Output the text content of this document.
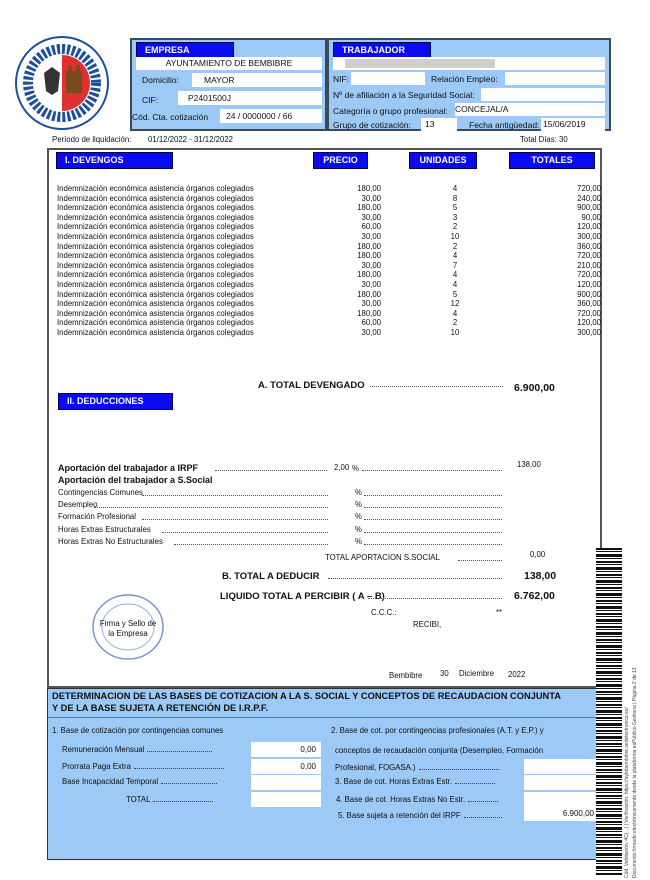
EMPRESA
AYUNTAMIENTO DE BEMBIBRE
Domicilio:	MAYOR
CIF:	P2401500J
Cód. Cta. cotización	24 / 0000000 / 66
TRABAJADOR
NIF:	Relación Empleo:
Nº de afiliación a la Seguridad Social:
Categoría o grupo profesional: CONCEJAL/A
Grupo de cotización:	13	Fecha antigüedad: 15/06/2019
Período de liquidación: 01/12/2022 - 31/12/2022	Total Días: 30
I. DEVENGOS	PRECIO	UNIDADES	TOTALES
Indemnización económica asistencia órganos colegiados	180,00	4	720,00
Indemnización económica asistencia órganos colegiados	30,00	8	240,00
Indemnización económica asistencia órganos colegiados	180,00	5	900,00
Indemnización económica asistencia órganos colegiados	30,00	3	90,00
Indemnización económica asistencia órganos colegiados	60,00	2	120,00
Indemnización económica asistencia órganos colegiados	30,00	10	300,00
Indemnización económica asistencia órganos colegiados	180,00	2	360,00
Indemnización económica asistencia órganos colegiados	180,00	4	720,00
Indemnización económica asistencia órganos colegiados	30,00	7	210,00
Indemnización económica asistencia órganos colegiados	180,00	4	720,00
Indemnización económica asistencia órganos colegiados	30,00	4	120,00
Indemnización económica asistencia órganos colegiados	180,00	5	900,00
Indemnización económica asistencia órganos colegiados	30,00	12	360,00
Indemnización económica asistencia órganos colegiados	180,00	4	720,00
Indemnización económica asistencia órganos colegiados	60,00	2	120,00
Indemnización económica asistencia órganos colegiados	30,00	10	300,00
A. TOTAL DEVENGADO	6.900,00
II. DEDUCCIONES
Aportación del trabajador a IRPF	2,00 %	138,00
Aportación del trabajador a S.Social
Contingencias Comunes	%
Desempleo	%
Formación Profesional	%
Horas Extras Estructurales	%
Horas Extras No Estructurales	%
TOTAL APORTACION S.SOCIAL	0,00
B. TOTAL A DEDUCIR	138,00
LIQUIDO TOTAL A PERCIBIR ( A – B)	6.762,00
Firma y Sello de la Empresa
C.C.C.:	**
RECIBI,
Bembibre 30 Diciembre 2022
DETERMINACION DE LAS BASES DE COTIZACION A LA S. SOCIAL Y CONCEPTOS DE RECAUDACION CONJUNTA
Y DE LA BASE SUJETA A RETENCIÓN DE I.R.P.F.
1. Base de cotización por contingencias comunes
Remuneración Mensual	0,00
Prorrata Paga Extra	0,00
Base Incapacidad Temporal
TOTAL
2. Base de cot. por contingencias profesionales (A.T. y E.P.) y
conceptos de recaudación conjunta (Desempleo, Formación
Profesional, FOGASA.)
3. Base de cot. Horas Extras Estr.
4. Base de cot. Horas Extras No Estr.
5. Base sujeta a retención del IRPF	6.900,00	Cód. Validación: 4C(...) | Verificación: https://aytobembibre.sedelectronica.es/ Documento firmado electrónicamente desde la plataforma esPublico Gestiona | Página 2 de 13
